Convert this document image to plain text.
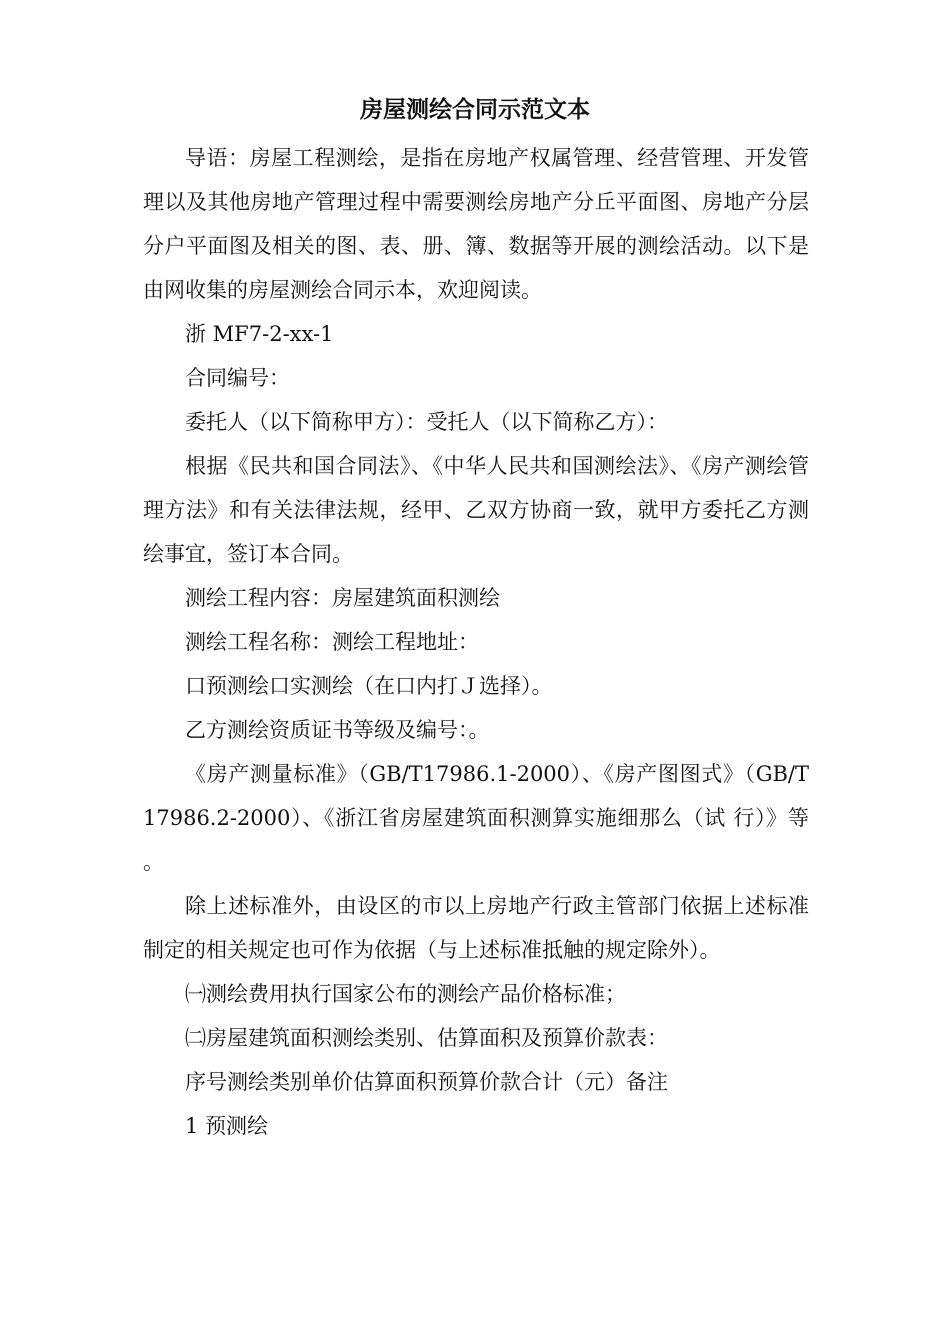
房屋测绘合同示范文本

导语：房屋工程测绘，是指在房地产权属管理、经营管理、开发管理以及其他房地产管理过程中需要测绘房地产分丘平面图、房地产分层分户平面图及相关的图、表、册、簿、数据等开展的测绘活动。以下是由网收集的房屋测绘合同示本，欢迎阅读。

浙 MF7-2-xx-1

合同编号：

委托人（以下简称甲方）：受托人（以下简称乙方）：

根据《民共和国合同法》、《中华人民共和国测绘法》、《房产测绘管理方法》和有关法律法规，经甲、乙双方协商一致，就甲方委托乙方测绘事宜，签订本合同。

测绘工程内容：房屋建筑面积测绘

测绘工程名称：测绘工程地址：

口预测绘口实测绘（在口内打Ｊ选择）。

乙方测绘资质证书等级及编号：。

《房产测量标准》（GB/T17986.1-2000）、《房产图图式》（GB/T17986.2-2000）、《浙江省房屋建筑面积测算实施细那么（试 行）》等。

除上述标准外，由设区的市以上房地产行政主管部门依据上述标准制定的相关规定也可作为依据（与上述标准抵触的规定除外）。

㈠测绘费用执行国家公布的测绘产品价格标准；

㈡房屋建筑面积测绘类别、估算面积及预算价款表：

序号测绘类别单价估算面积预算价款合计（元）备注

1 预测绘
